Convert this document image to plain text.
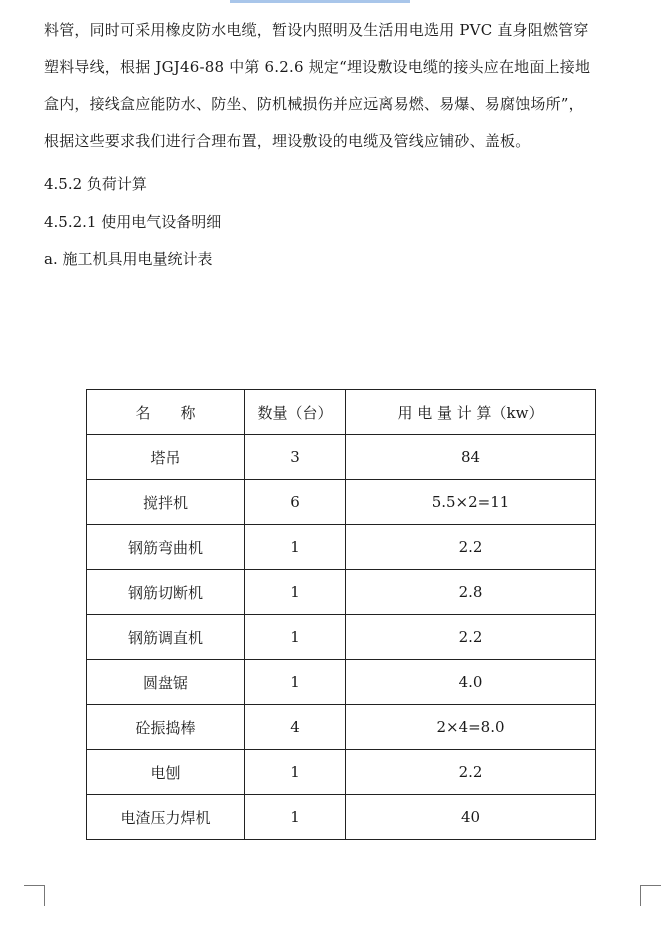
料管，同时可采用橡皮防水电缆，暂设内照明及生活用电选用 PVC 直身阻燃管穿

塑料导线，根据 JGJ46-88 中第 6.2.6 规定“埋设敷设电缆的接头应在地面上接地

盒内，接线盒应能防水、防坐、防机械损伤并应远离易燃、易爆、易腐蚀场所”，

根据这些要求我们进行合理布置，埋设敷设的电缆及管线应铺砂、盖板。

4.5.2 负荷计算
4.5.2.1 使用电气设备明细
a. 施工机具用电量统计表
名　　称	数量（台）	用 电 量 计 算（kw）
塔吊	3	84
搅拌机	6	5.5×2=11
钢筋弯曲机	1	2.2
钢筋切断机	1	2.8
钢筋调直机	1	2.2
圆盘锯	1	4.0
砼振捣棒	4	2×4=8.0
电刨	1	2.2
电渣压力焊机	1	40
